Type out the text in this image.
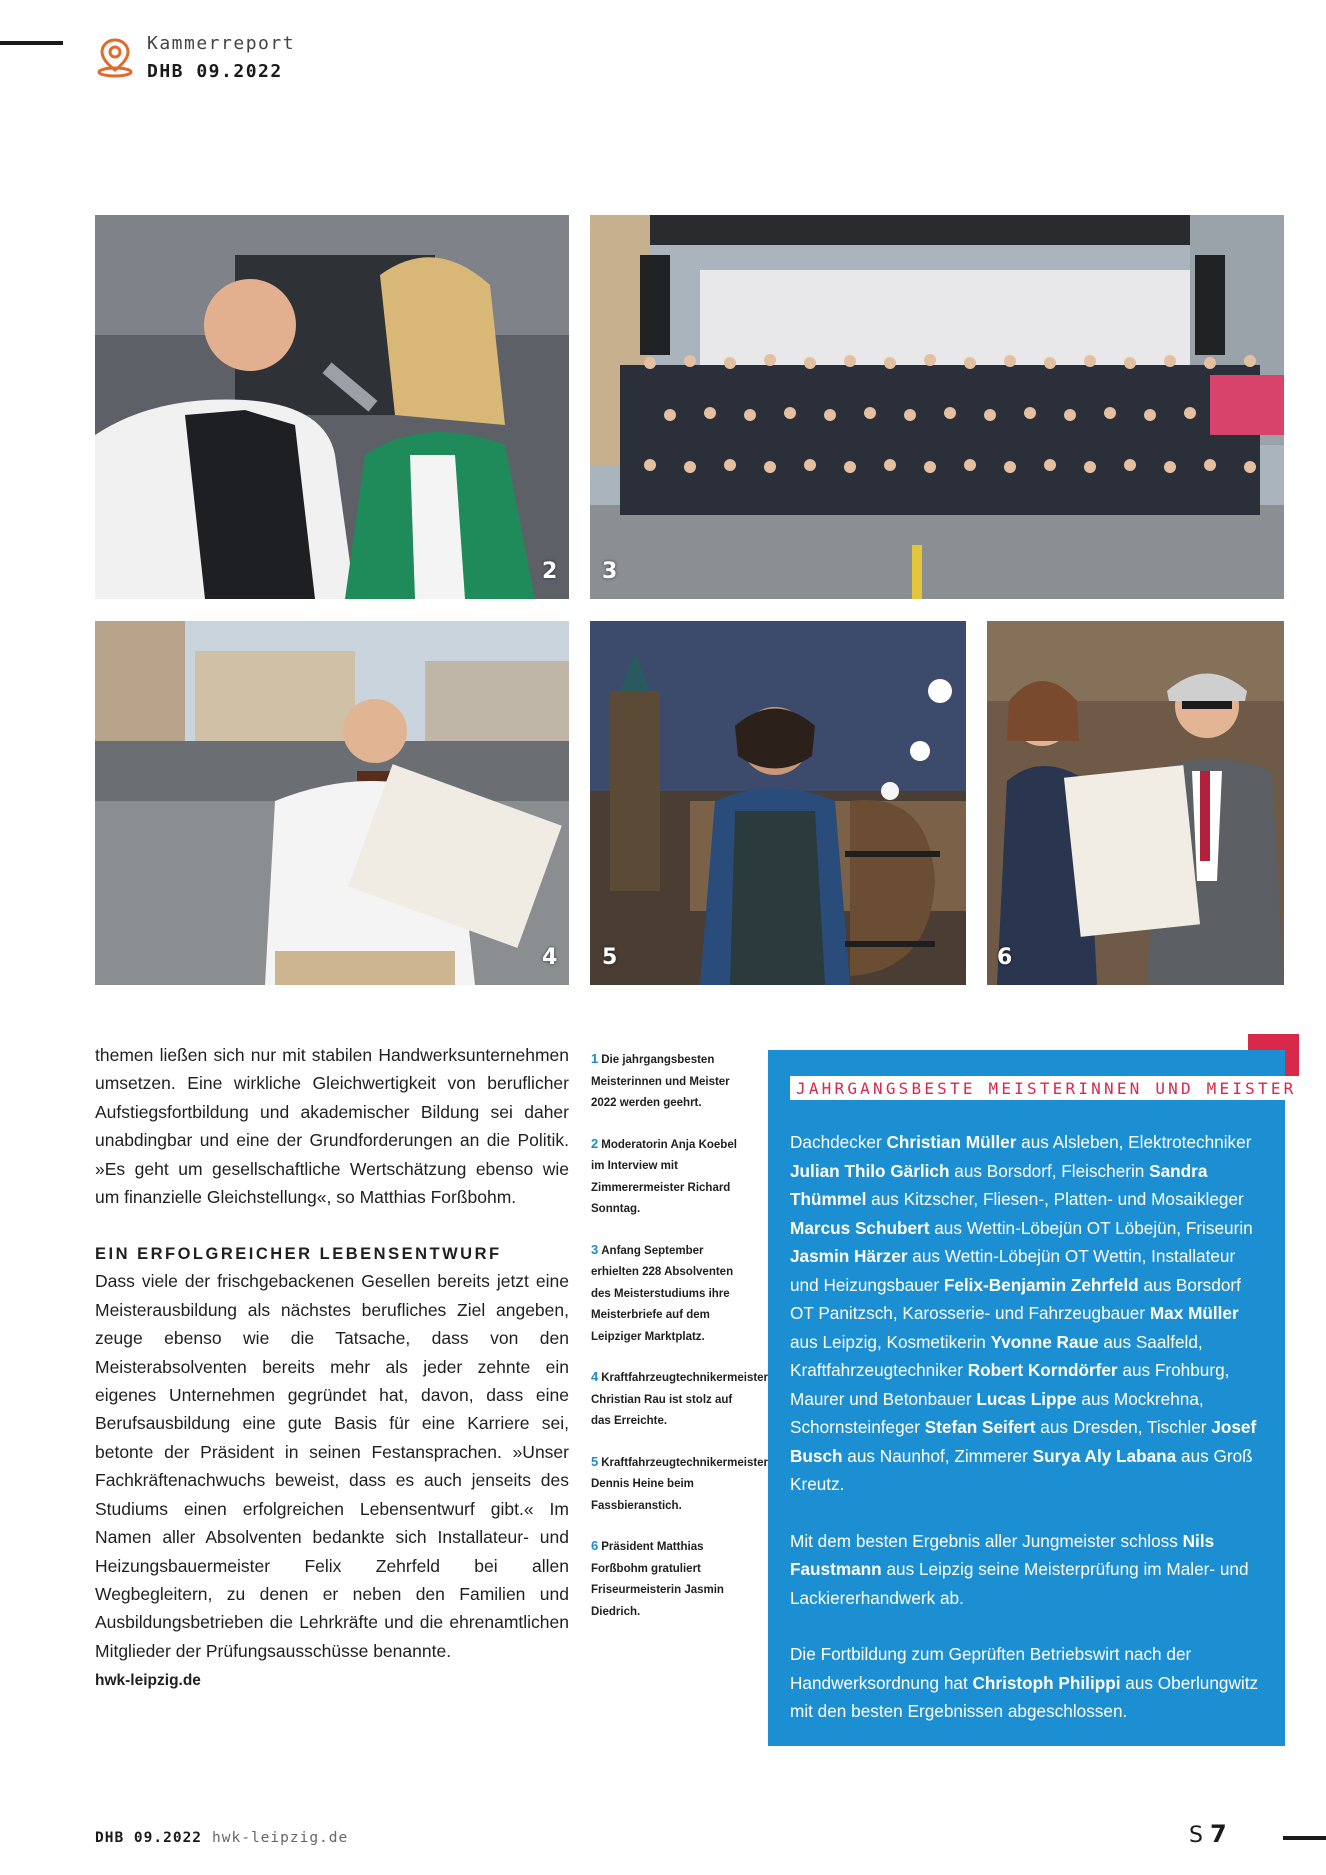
Kammerreport
DHB 09.2022
2 3
4 5	6

themen ließen sich nur mit stabilen Handwerksunternehmen umsetzen. Eine wirkliche Gleichwertigkeit von beruflicher Aufstiegsfortbildung und akademischer Bildung sei daher unabdingbar und eine der Grundforderungen an die Politik. »Es geht um gesellschaftliche Wertschätzung ebenso wie um finanzielle Gleichstellung«, so Matthias Forßbohm.

EIN ERFOLGREICHER LEBENSENTWURF

Dass viele der frischgebackenen Gesellen bereits jetzt eine Meisterausbildung als nächstes berufliches Ziel angeben, zeuge ebenso wie die Tatsache, dass von den Meisterabsolventen bereits mehr als jeder zehnte ein eigenes Unternehmen gegründet hat, davon, dass eine Berufsausbildung eine gute Basis für eine Karriere sei, betonte der Präsident in seinen Festansprachen. »Unser Fachkräftenachwuchs beweist, dass es auch jenseits des Studiums einen erfolgreichen Lebensentwurf gibt.« Im Namen aller Absolventen bedankte sich Installateur- und Heizungsbauermeister Felix Zehrfeld bei allen Wegbegleitern, zu denen er neben den Familien und Ausbildungsbetrieben die Lehrkräfte und die ehrenamtlichen Mitglieder der Prüfungsausschüsse benannte.

hwk-leipzig.de

1 Die jahrgangsbesten Meisterinnen und Meister 2022 werden geehrt.

2 Moderatorin Anja Koebel im Interview mit Zimmerermeister Richard Sonntag.

3 Anfang September erhielten 228 Absolventen des Meisterstudiums ihre Meisterbriefe auf dem Leipziger Marktplatz.

4 Kraftfahrzeugtechnikermeister Christian Rau ist stolz auf das Erreichte.

5 Kraftfahrzeugtechnikermeister Dennis Heine beim Fassbieranstich.

6 Präsident Matthias Forßbohm gratuliert Friseurmeisterin Jasmin Diedrich.

JAHRGANGSBESTE MEISTERINNEN UND MEISTER

Dachdecker Christian Müller aus Alsleben, Elektrotechniker Julian Thilo Gärlich aus Borsdorf, Fleischerin Sandra Thümmel aus Kitzscher, Fliesen-, Platten- und Mosaikleger Marcus Schubert aus Wettin-Löbejün OT Löbejün, Friseurin Jasmin Härzer aus Wettin-Löbejün OT Wettin, Installateur und Heizungsbauer Felix-Benjamin Zehrfeld aus Borsdorf OT Panitzsch, Karosserie- und Fahrzeugbauer Max Müller aus Leipzig, Kosmetikerin Yvonne Raue aus Saalfeld, Kraftfahrzeugtechniker Robert Korndörfer aus Frohburg, Maurer und Betonbauer Lucas Lippe aus Mockrehna, Schornsteinfeger Stefan Seifert aus Dresden, Tischler Josef Busch aus Naunhof, Zimmerer Surya Aly Labana aus Groß Kreutz.

Mit dem besten Ergebnis aller Jungmeister schloss Nils Faustmann aus Leipzig seine Meisterprüfung im Maler- und Lackiererhandwerk ab.

Die Fortbildung zum Geprüften Betriebswirt nach der Handwerksordnung hat Christoph Philippi aus Oberlungwitz mit den besten Ergebnissen abgeschlossen.

DHB 09.2022 hwk-leipzig.de	S 7
